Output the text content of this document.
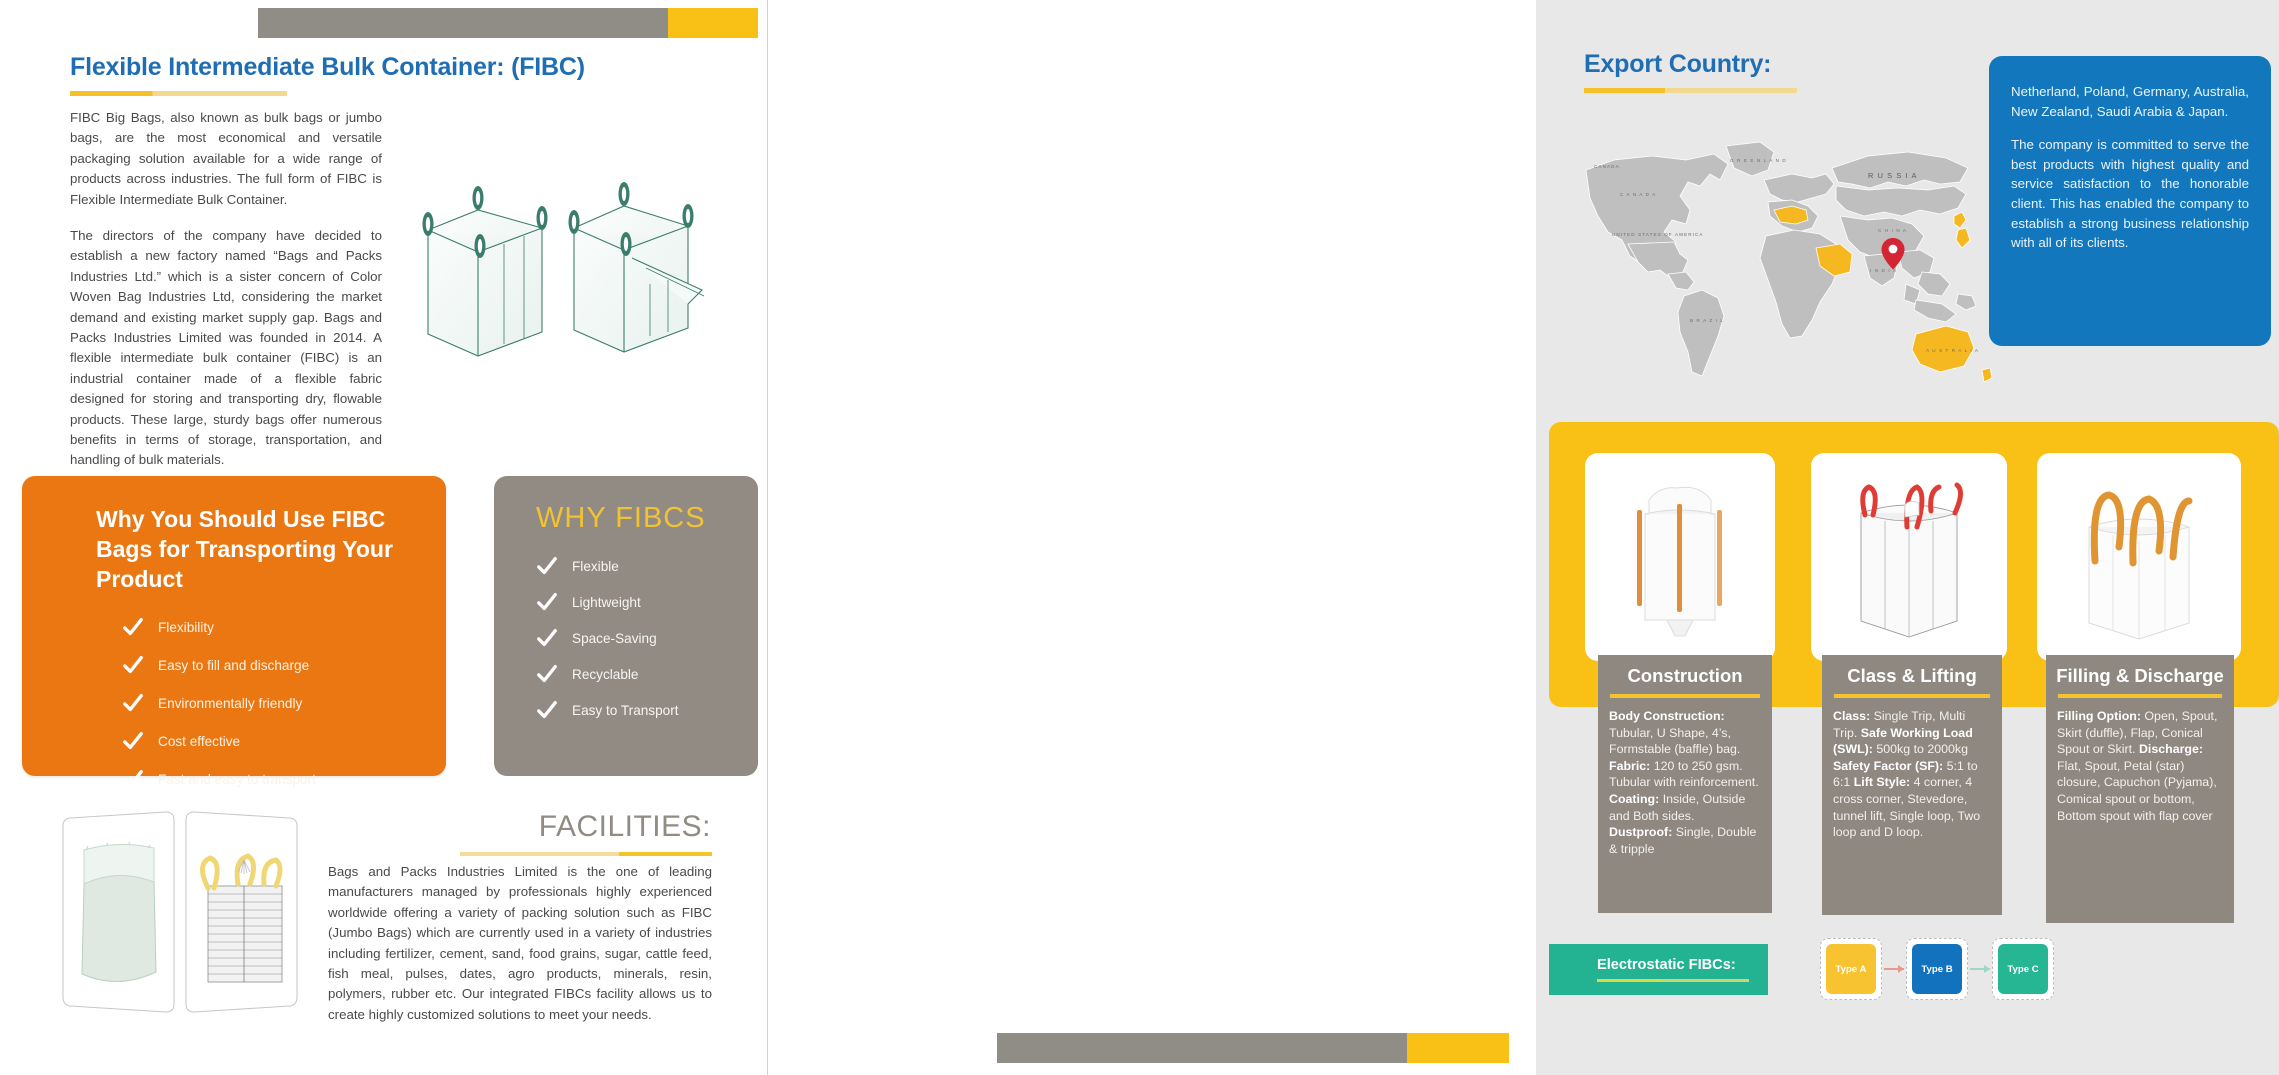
Flexible Intermediate Bulk Container: (FIBC)
FIBC Big Bags, also known as bulk bags or jumbo bags, are the most economical and versatile packaging solution available for a wide range of products across industries. The full form of FIBC is Flexible Intermediate Bulk Container.
The directors of the company have decided to establish a new factory named “Bags and Packs Industries Ltd.” which is a sister concern of Color Woven Bag Industries Ltd, considering the market demand and existing market supply gap. Bags and Packs Industries Limited was founded in 2014. A flexible intermediate bulk container (FIBC) is an industrial container made of a flexible fabric designed for storing and transporting dry, flowable products. These large, sturdy bags offer numerous benefits in terms of storage, transportation, and handling of bulk materials.
Why You Should Use FIBC Bags for Transporting Your Product
Flexibility
Easy to fill and discharge
Environmentally friendly
Cost effective
Fast and easy to transport
WHY FIBCS
Flexible
Lightweight
Space-Saving
Recyclable
Easy to Transport
FACILITIES:
Bags and Packs Industries Limited is the one of leading manufacturers managed by professionals highly experienced worldwide offering a variety of packing solution such as FIBC (Jumbo Bags) which are currently used in a variety of industries including fertilizer, cement, sand, food grains, sugar, cattle feed, fish meal, pulses, dates, agro products, minerals, resin, polymers, rubber etc. Our integrated FIBCs facility allows us to create highly customized solutions to meet your needs.
Export Country:
CANADA
C A N A D A
UNITED STATES OF AMERICA
G R E E N L A N D
B R A Z I L
R U S S I A
C H I N A
I N D I A
A U S T R A L I A

Netherland, Poland, Germany, Australia, New Zealand, Saudi Arabia & Japan.

The company is committed to serve the best products with highest quality and service satisfaction to the honorable client. This has enabled the company to establish a strong business relationship with all of its clients.

Construction
Body Construction: Tubular, U Shape, 4’s, Formstable (baffle) bag. Fabric: 120 to 250 gsm. Tubular with reinforcement. Coating: Inside, Outside and Both sides. Dustproof: Single, Double & tripple
Class & Lifting
Class: Single Trip, Multi Trip. Safe Working Load (SWL): 500kg to 2000kg Safety Factor (SF): 5:1 to 6:1 Lift Style: 4 corner, 4 cross corner, Stevedore, tunnel lift, Single loop, Two loop and D loop.
Filling & Discharge
Filling Option: Open, Spout, Skirt (duffle), Flap, Conical Spout or Skirt. Discharge: Flat, Spout, Petal (star) closure, Capuchon (Pyjama), Comical spout or bottom, Bottom spout with flap cover
Electrostatic FIBCs:	Type A	Type B	Type C
